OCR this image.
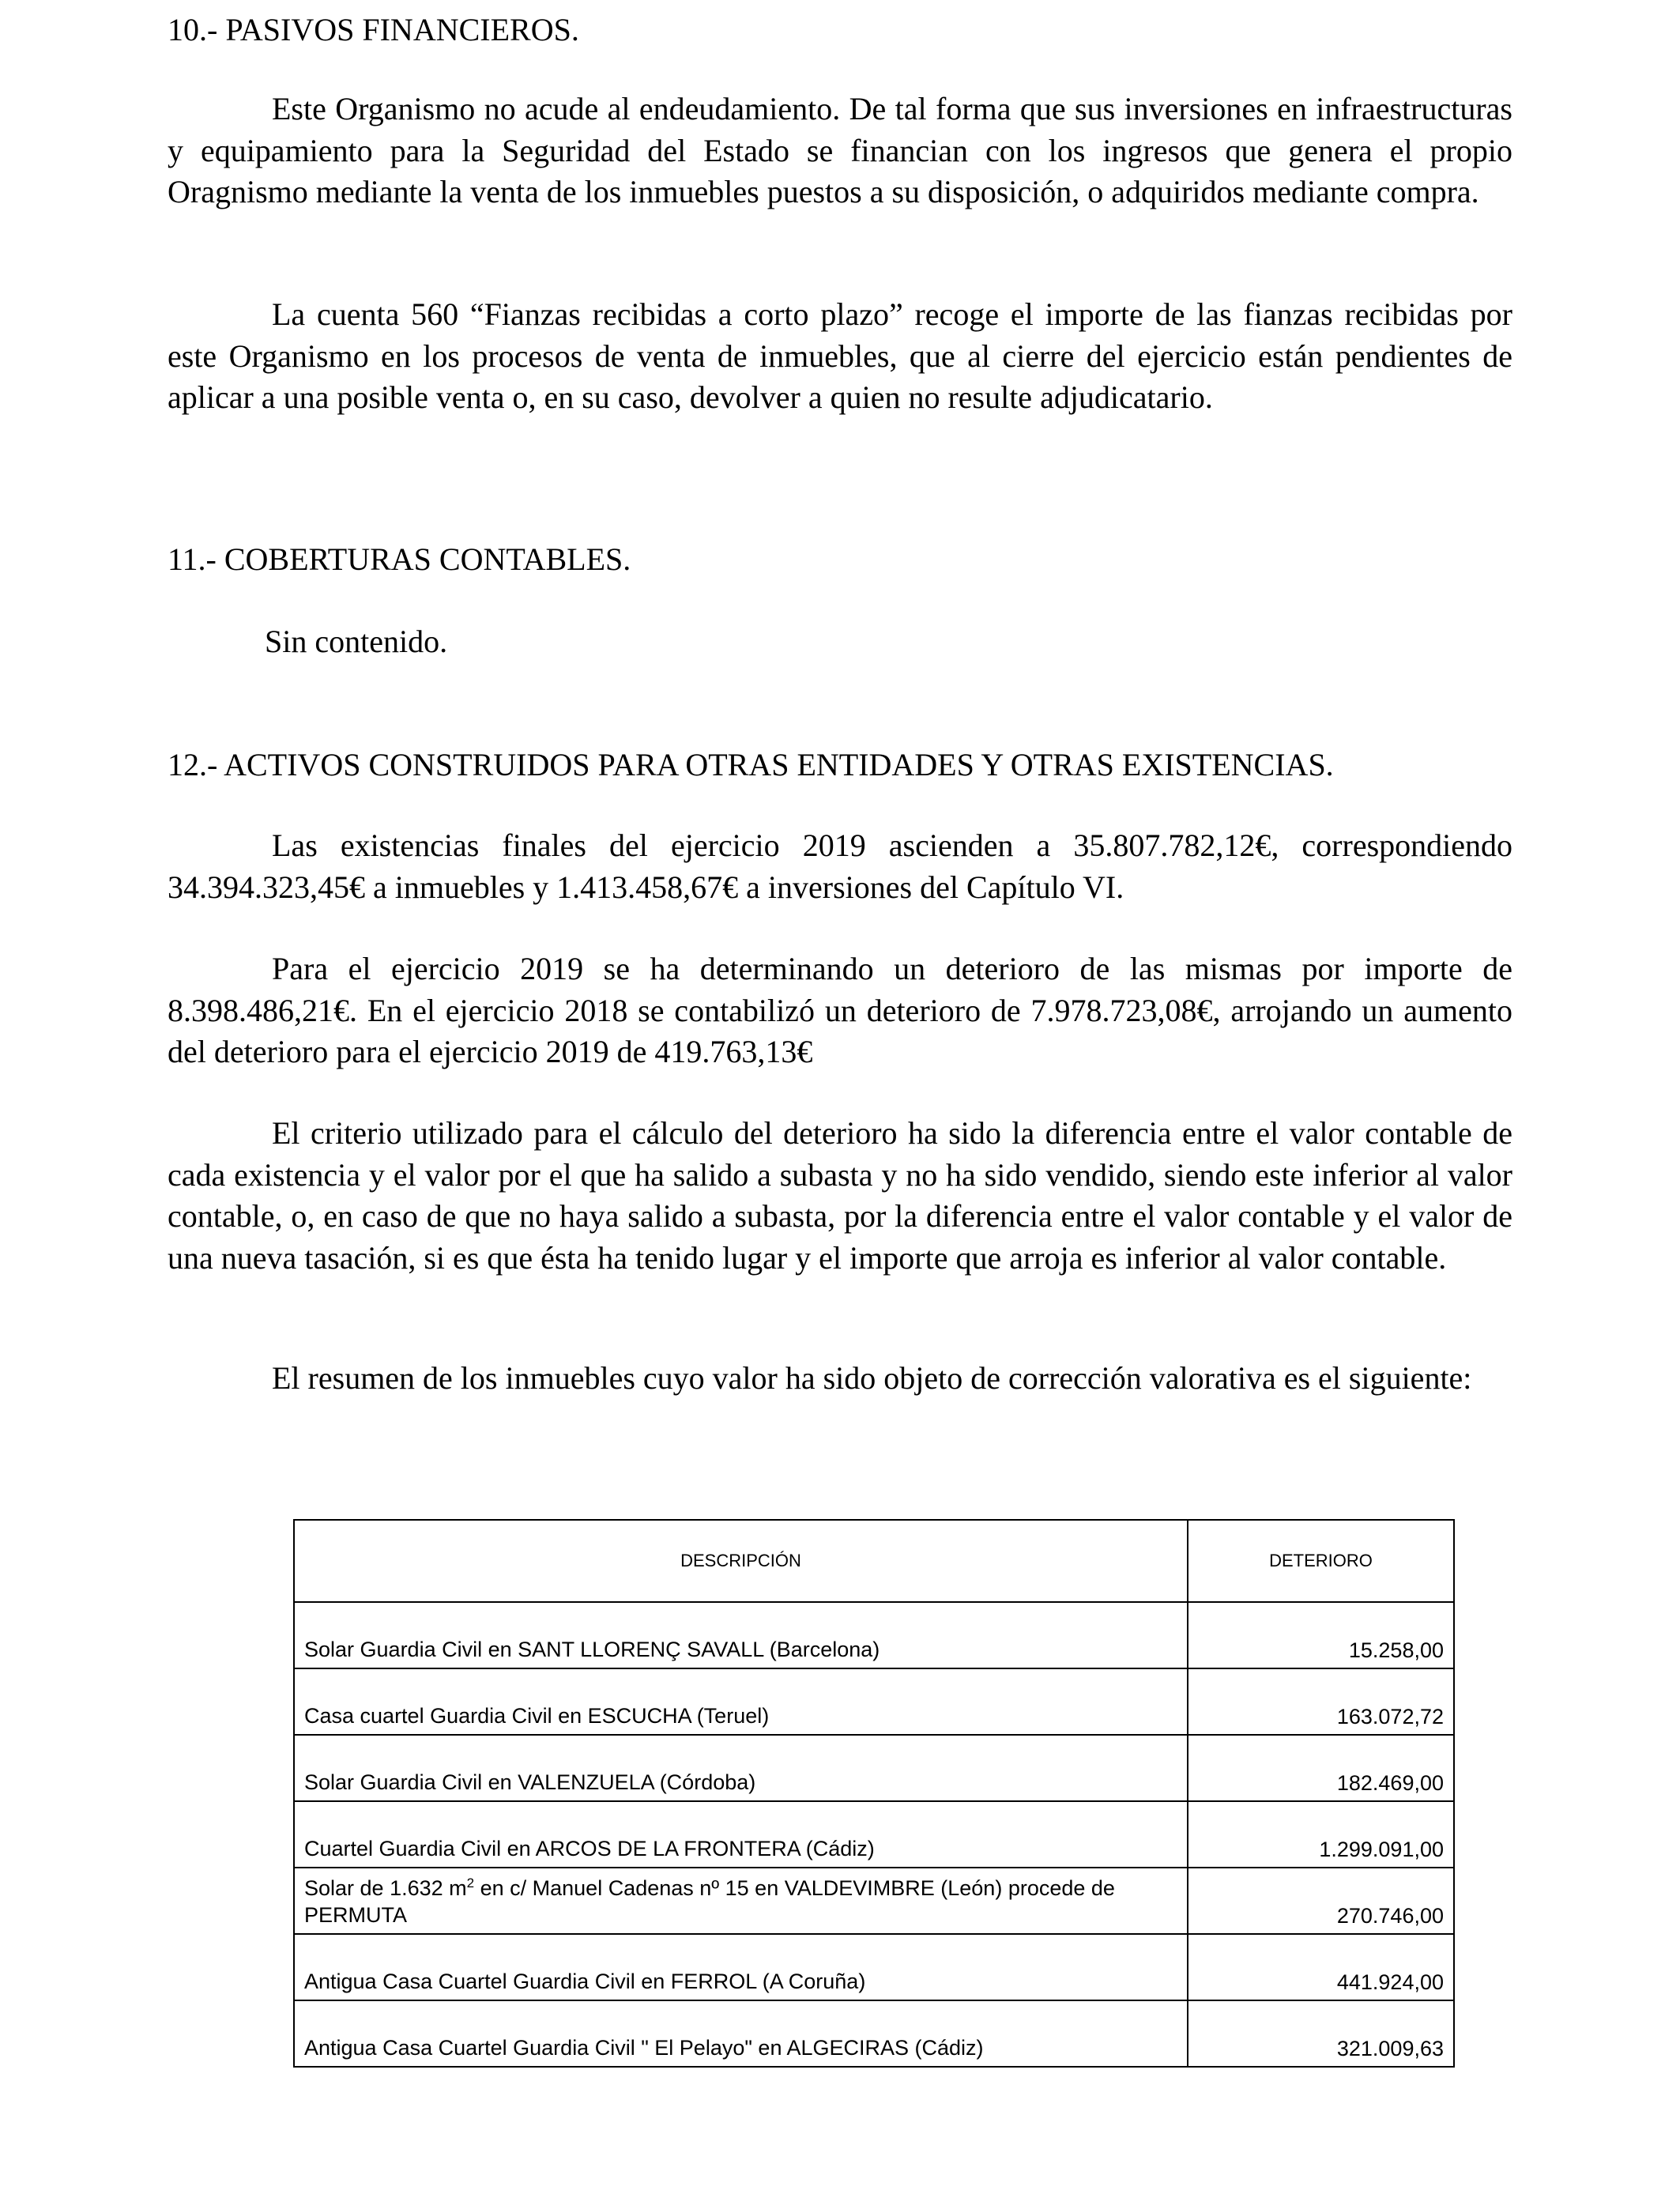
10.- PASIVOS FINANCIEROS.
Este Organismo no acude al endeudamiento. De tal forma que sus inversiones en infraestructuras y equipamiento para la Seguridad del Estado se financian con los ingresos que genera el propio Oragnismo mediante la venta de los inmuebles puestos a su disposición, o adquiridos mediante compra.
La cuenta 560 “Fianzas recibidas a corto plazo” recoge el importe de las fianzas recibidas por este Organismo en los procesos de venta de inmuebles, que al cierre del ejercicio están pendientes de aplicar a una posible venta o, en su caso, devolver a quien no resulte adjudicatario.
11.- COBERTURAS CONTABLES.
Sin contenido.
12.- ACTIVOS CONSTRUIDOS PARA OTRAS ENTIDADES Y OTRAS EXISTENCIAS.
Las existencias finales del ejercicio 2019 ascienden a 35.807.782,12€, correspondiendo 34.394.323,45€ a inmuebles y 1.413.458,67€ a inversiones del Capítulo VI.
Para el ejercicio 2019 se ha determinando un deterioro de las mismas por importe de 8.398.486,21€. En el ejercicio 2018 se contabilizó un deterioro de 7.978.723,08€, arrojando un aumento del deterioro para el ejercicio 2019 de 419.763,13€
El criterio utilizado para el cálculo del deterioro ha sido la diferencia entre el valor contable de cada existencia y el valor por el que ha salido a subasta y no ha sido vendido, siendo este inferior al valor contable, o, en caso de que no haya salido a subasta, por la diferencia entre el valor contable y el valor de una nueva tasación, si es que ésta ha tenido lugar y el importe que arroja es inferior al valor contable.
El resumen de los inmuebles cuyo valor ha sido objeto de corrección valorativa es el siguiente:
DESCRIPCIÓN	DETERIORO
Solar Guardia Civil en SANT LLORENÇ SAVALL (Barcelona)	15.258,00
Casa cuartel Guardia Civil en ESCUCHA (Teruel)	163.072,72
Solar Guardia Civil en VALENZUELA (Córdoba)	182.469,00
Cuartel Guardia Civil en ARCOS DE LA FRONTERA (Cádiz)	1.299.091,00
Solar de 1.632 $m^2$ en c/ Manuel Cadenas nº 15 en VALDEVIMBRE (León) procede de PERMUTA	270.746,00
Antigua Casa Cuartel Guardia Civil en FERROL (A Coruña)	441.924,00
Antigua Casa Cuartel Guardia Civil " El Pelayo" en ALGECIRAS (Cádiz)	321.009,63
